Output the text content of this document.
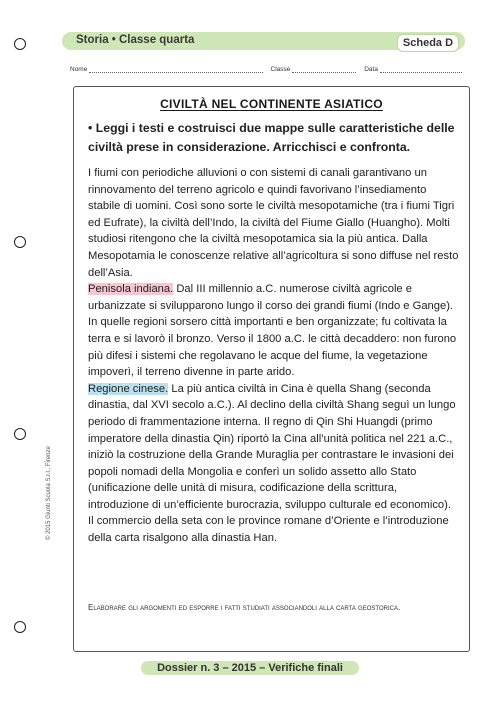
Storia • Classe quarta	Scheda D
Nome	Classe	Data
CIVILTÀ NEL CONTINENTE ASIATICO
• Leggi i testi e costruisci due mappe sulle caratteristiche delle civiltà prese in considerazione. Arricchisci e confronta.

I fiumi con periodiche alluvioni o con sistemi di canali garantivano un rinnovamento del terreno agricolo e quindi favorivano l’insediamento stabile di uomini. Così sono sorte le civiltà mesopotamiche (tra i fiumi Tigri ed Eufrate), la civiltà dell’Indo, la civiltà del Fiume Giallo (Huangho). Molti studiosi ritengono che la civiltà mesopotamica sia la più antica. Dalla Mesopotamia le conoscenze relative all’agricoltura si sono diffuse nel resto dell’Asia.

Penisola indiana. Dal III millennio a.C. numerose civiltà agricole e urbanizzate si svilupparono lungo il corso dei grandi fiumi (Indo e Gange). In quelle regioni sorsero città importanti e ben organizzate; fu coltivata la terra e si lavorò il bronzo. Verso il 1800 a.C. le città decaddero: non furono più difesi i sistemi che regolavano le acque del fiume, la vegetazione impoverì, il terreno divenne in parte arido.

Regione cinese. La più antica civiltà in Cina è quella Shang (seconda dinastia, dal XVI secolo a.C.). Al declino della civiltà Shang seguì un lungo periodo di frammentazione interna. Il regno di Qin Shi Huangdi (primo imperatore della dinastia Qin) riportò la Cina all’unità politica nel 221 a.C., iniziò la costruzione della Grande Muraglia per contrastare le invasioni dei popoli nomadi della Mongolia e conferì un solido assetto allo Stato (unificazione delle unità di misura, codificazione della scrittura, introduzione di un’efficiente burocrazia, sviluppo culturale ed economico). Il commercio della seta con le province romane d’Oriente e l’introduzione della carta risalgono alla dinastia Han.

Elaborare gli argomenti ed esporre i fatti studiati associandoli alla carta geostorica.
© 2015 Giunti Scuola S.r.l., Firenze
Dossier n. 3 – 2015 – Verifiche finali
